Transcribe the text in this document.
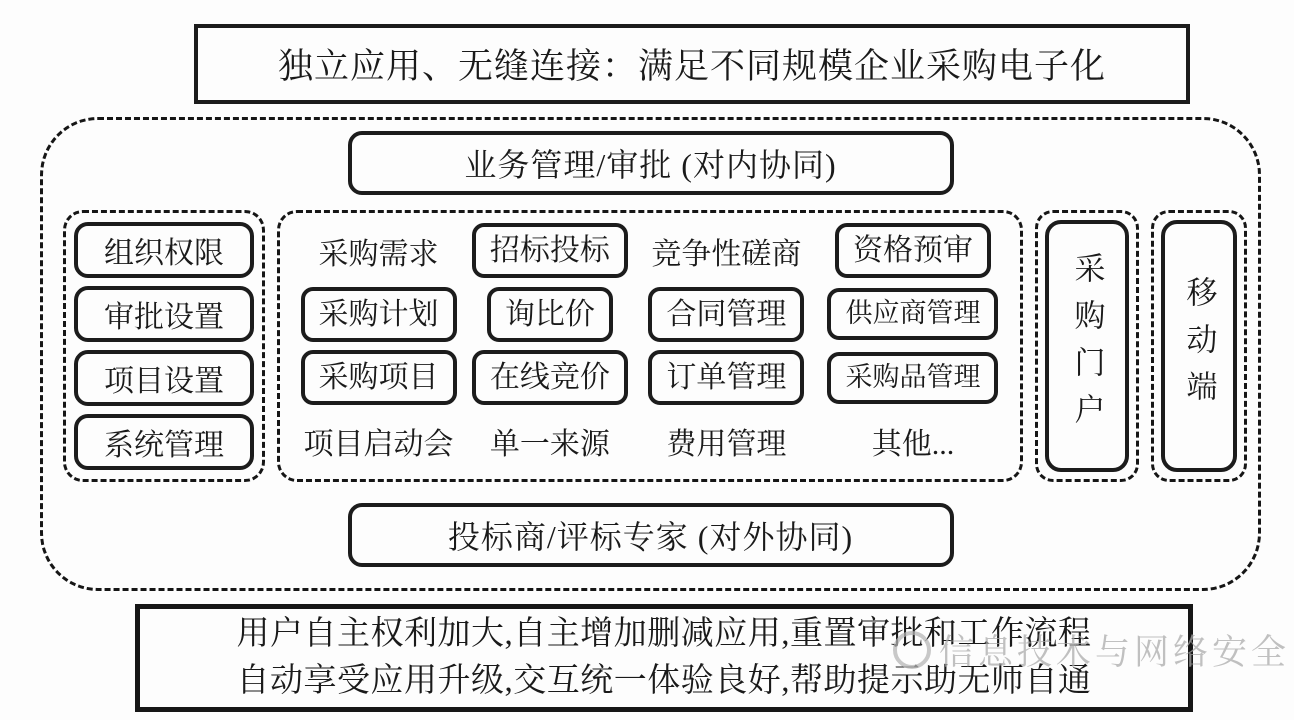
独立应用、无缝连接：满足不同规模企业采购电子化
业务管理/审批 (对内协同)
组织权限
审批设置
项目设置
系统管理
采购需求	招标投标	竞争性磋商	资格预审
采购计划	询比价	合同管理	供应商管理
采购项目	在线竞价	订单管理	采购品管理
项目启动会 单一来源 费用管理	其他...
采购门户 移动端
投标商/评标专家 (对外协同)
用户自主权利加大,自主增加删减应用,重置审批和工作流程
自动享受应用升级,交互统一体验良好,帮助提示助无师自通
信息技术与网络安全
